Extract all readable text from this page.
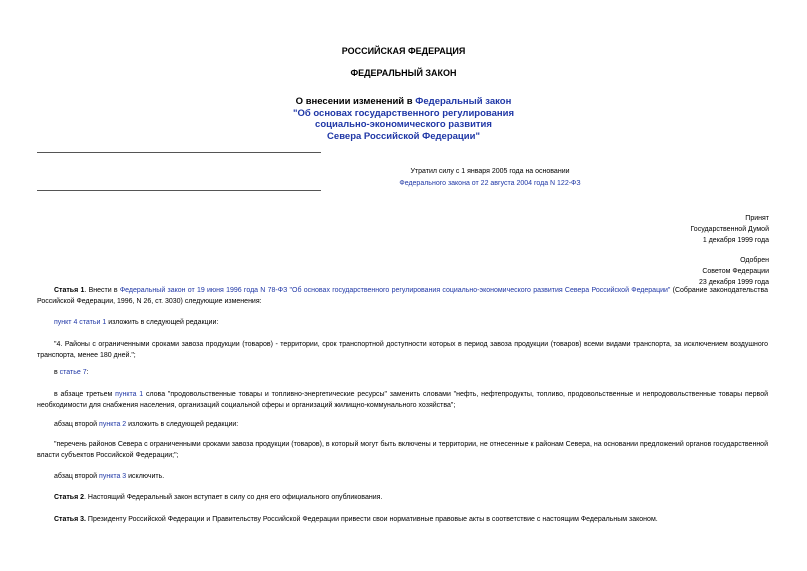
РОССИЙСКАЯ ФЕДЕРАЦИЯ
ФЕДЕРАЛЬНЫЙ ЗАКОН
О внесении изменений в Федеральный закон
"Об основах государственного регулирования
социально-экономического развития
Севера Российской Федерации"
Утратил силу с 1 января 2005 года на основании
Федерального закона от 22 августа 2004 года N 122-ФЗ
Принят
Государственной Думой
1 декабря 1999 года
Одобрен
Советом Федерации
23 декабря 1999 года
Статья 1. Внести в Федеральный закон от 19 июня 1996 года N 78-ФЗ "Об основах государственного регулирования социально-экономического развития Севера Российской Федерации" (Собрание законодательства Российской Федерации, 1996, N 26, ст. 3030) следующие изменения:
пункт 4 статьи 1 изложить в следующей редакции:
"4. Районы с ограниченными сроками завоза продукции (товаров) - территории, срок транспортной доступности которых в период завоза продукции (товаров) всеми видами транспорта, за исключением воздушного транспорта, менее 180 дней.";
в статье 7:
в абзаце третьем пункта 1 слова "продовольственные товары и топливно-энергетические ресурсы" заменить словами "нефть, нефтепродукты, топливо, продовольственные и непродовольственные товары первой необходимости для снабжения населения, организаций социальной сферы и организаций жилищно-коммунального хозяйства";
абзац второй пункта 2 изложить в следующей редакции:
"перечень районов Севера с ограниченными сроками завоза продукции (товаров), в который могут быть включены и территории, не отнесенные к районам Севера, на основании предложений органов государственной власти субъектов Российской Федерации;";
абзац второй пункта 3 исключить.
Статья 2. Настоящий Федеральный закон вступает в силу со дня его официального опубликования.
Статья 3. Президенту Российской Федерации и Правительству Российской Федерации привести свои нормативные правовые акты в соответствие с настоящим Федеральным законом.
